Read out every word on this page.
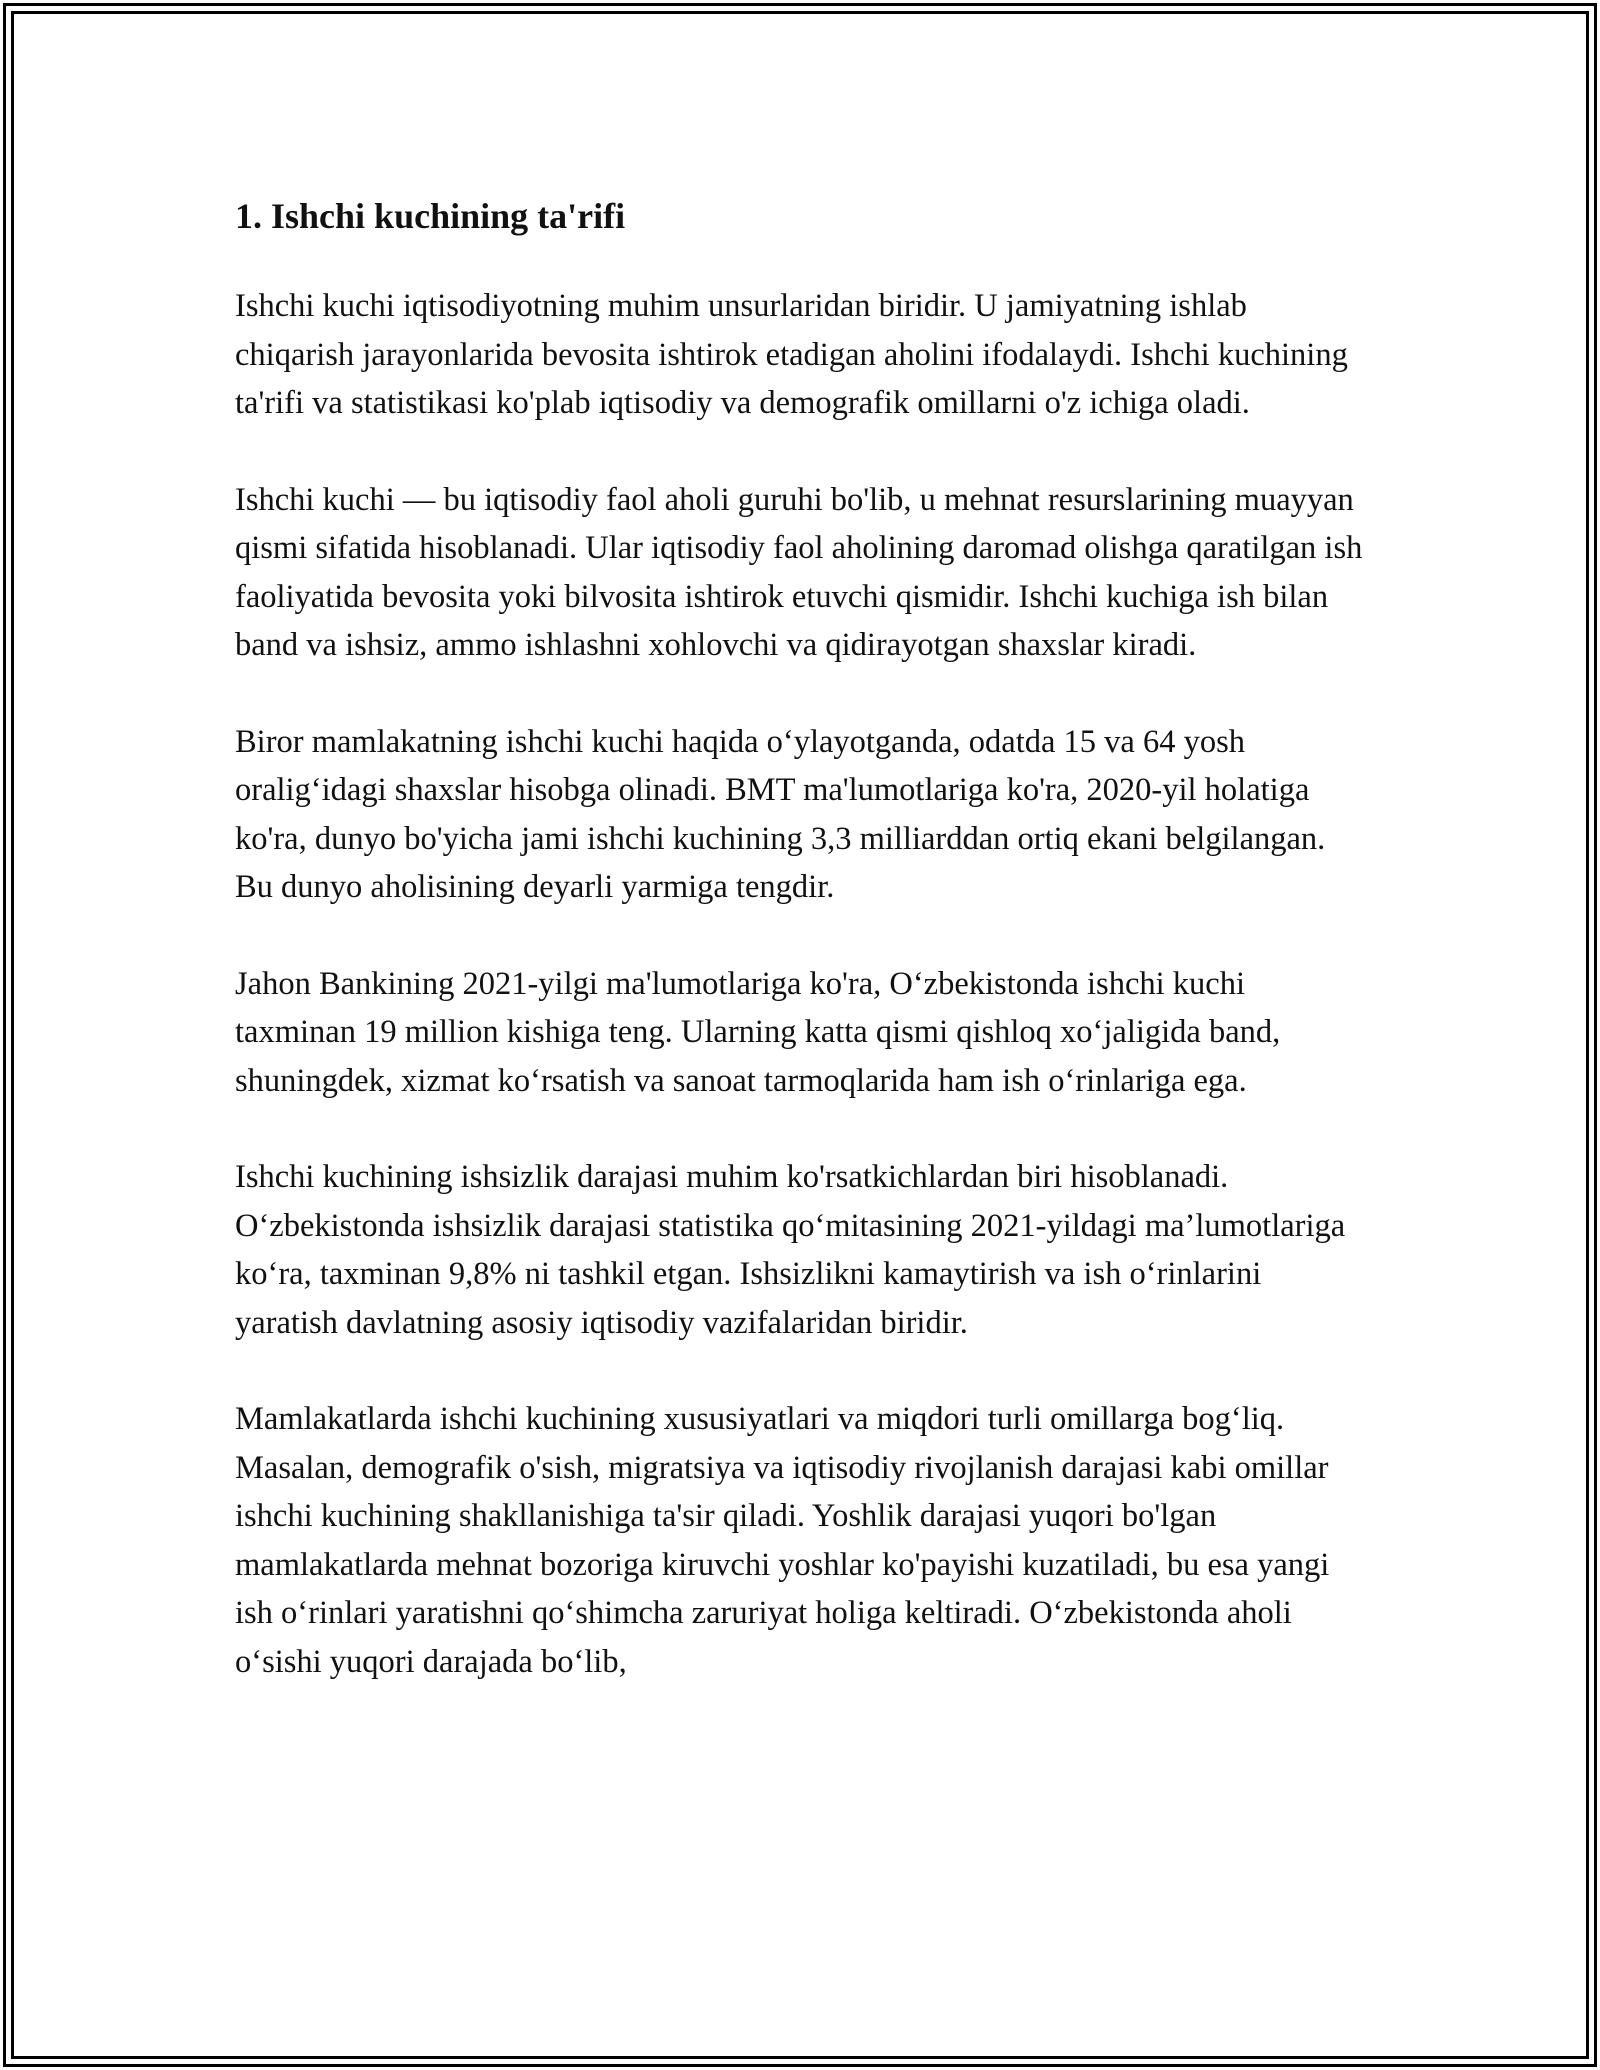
1. Ishchi kuchining ta'rifi

Ishchi kuchi iqtisodiyotning muhim unsurlaridan biridir. U jamiyatning ishlab chiqarish jarayonlarida bevosita ishtirok etadigan aholini ifodalaydi. Ishchi kuchining ta'rifi va statistikasi ko'plab iqtisodiy va demografik omillarni o'z ichiga oladi.

Ishchi kuchi — bu iqtisodiy faol aholi guruhi bo'lib, u mehnat resurslarining muayyan qismi sifatida hisoblanadi. Ular iqtisodiy faol aholining daromad olishga qaratilgan ish faoliyatida bevosita yoki bilvosita ishtirok etuvchi qismidir. Ishchi kuchiga ish bilan band va ishsiz, ammo ishlashni xohlovchi va qidirayotgan shaxslar kiradi.

Biror mamlakatning ishchi kuchi haqida o‘ylayotganda, odatda 15 va 64 yosh oralig‘idagi shaxslar hisobga olinadi. BMT ma'lumotlariga ko'ra, 2020-yil holatiga ko'ra, dunyo bo'yicha jami ishchi kuchining 3,3 milliarddan ortiq ekani belgilangan. Bu dunyo aholisining deyarli yarmiga tengdir.

Jahon Bankining 2021-yilgi ma'lumotlariga ko'ra, O‘zbekistonda ishchi kuchi taxminan 19 million kishiga teng. Ularning katta qismi qishloq xo‘jaligida band, shuningdek, xizmat ko‘rsatish va sanoat tarmoqlarida ham ish o‘rinlariga ega.

Ishchi kuchining ishsizlik darajasi muhim ko'rsatkichlardan biri hisoblanadi. O‘zbekistonda ishsizlik darajasi statistika qo‘mitasining 2021-yildagi ma’lumotlariga ko‘ra, taxminan 9,8% ni tashkil etgan. Ishsizlikni kamaytirish va ish o‘rinlarini yaratish davlatning asosiy iqtisodiy vazifalaridan biridir.

Mamlakatlarda ishchi kuchining xususiyatlari va miqdori turli omillarga bog‘liq. Masalan, demografik o'sish, migratsiya va iqtisodiy rivojlanish darajasi kabi omillar ishchi kuchining shakllanishiga ta'sir qiladi. Yoshlik darajasi yuqori bo'lgan mamlakatlarda mehnat bozoriga kiruvchi yoshlar ko'payishi kuzatiladi, bu esa yangi ish o‘rinlari yaratishni qo‘shimcha zaruriyat holiga keltiradi. O‘zbekistonda aholi o‘sishi yuqori darajada bo‘lib,
